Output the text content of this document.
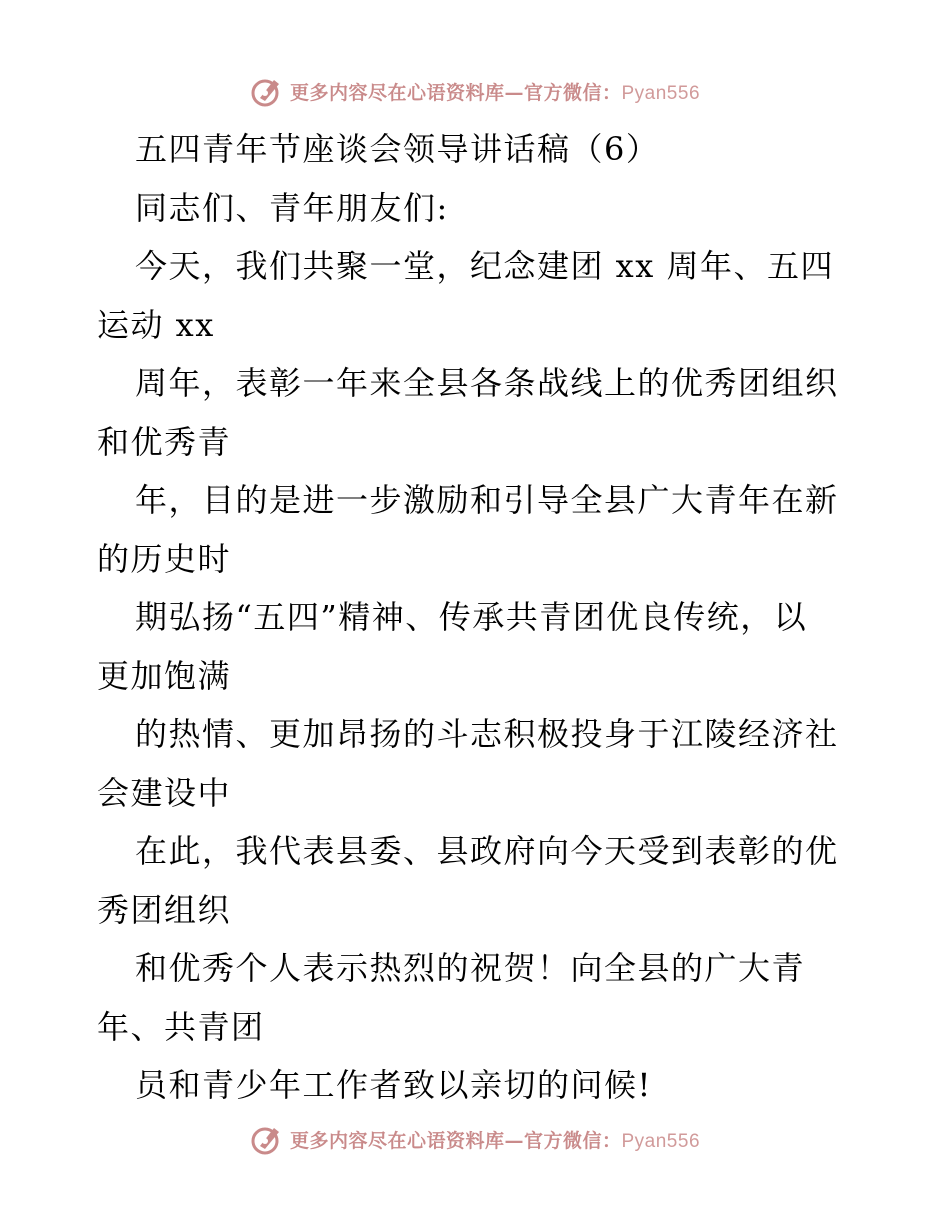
更多内容尽在心语资料库—官方微信：Pyan556
五四青年节座谈会领导讲话稿（6）
同志们、青年朋友们:
今天，我们共聚一堂，纪念建团 xx 周年、五四
运动 xx
周年，表彰一年来全县各条战线上的优秀团组织
和优秀青
年，目的是进一步激励和引导全县广大青年在新
的历史时
期弘扬“五四”精神、传承共青团优良传统，以
更加饱满
的热情、更加昂扬的斗志积极投身于江陵经济社
会建设中
在此，我代表县委、县政府向今天受到表彰的优
秀团组织
和优秀个人表示热烈的祝贺！向全县的广大青
年、共青团
员和青少年工作者致以亲切的问候!
更多内容尽在心语资料库—官方微信：Pyan556
